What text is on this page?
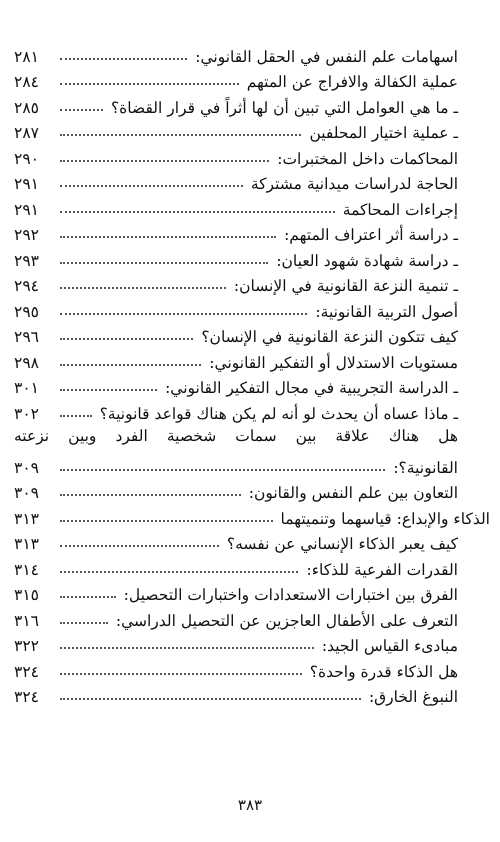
اسهامات علم النفس في الحقل القانوني:
٢٨١
عملية الكفالة والافراج عن المتهم
٢٨٤
ـ ما هي العوامل التي تبين أن لها أثراً في قرار القضاة؟
٢٨٥
ـ عملية اختيار المحلفين
٢٨٧
المحاكمات داخل المختبرات:
٢٩٠
الحاجة لدراسات ميدانية مشتركة
٢٩١
إجراءات المحاكمة
٢٩١
ـ دراسة أثر اعتراف المتهم:
٢٩٢
ـ دراسة شهادة شهود العيان:
٢٩٣
ـ تنمية النزعة القانونية في الإنسان:
٢٩٤
أصول التربية القانونية:
٢٩٥
كيف تتكون النزعة القانونية في الإنسان؟
٢٩٦
مستويات الاستدلال أو التفكير القانوني:
٢٩٨
ـ الدراسة التجريبية في مجال التفكير القانوني:
٣٠١
ـ ماذا عساه أن يحدث لو أنه لم يكن هناك قواعد قانونية؟
٣٠٢
هل هناك علاقة بين سمات شخصية الفرد وبين نزعته
القانونية؟:
٣٠٩
التعاون بين علم النفس والقانون:
٣٠٩
الذكاء والإبداع: قياسهما وتنميتهما
٣١٣
كيف يعبر الذكاء الإنساني عن نفسه؟
٣١٣
القدرات الفرعية للذكاء:
٣١٤
الفرق بين اختبارات الاستعدادات واختبارات التحصيل:
٣١٥
التعرف على الأطفال العاجزين عن التحصيل الدراسي:
٣١٦
مبادىء القياس الجيد:
٣٢٢
هل الذكاء قدرة واحدة؟
٣٢٤
النبوغ الخارق:
٣٢٤
٣٨٣
